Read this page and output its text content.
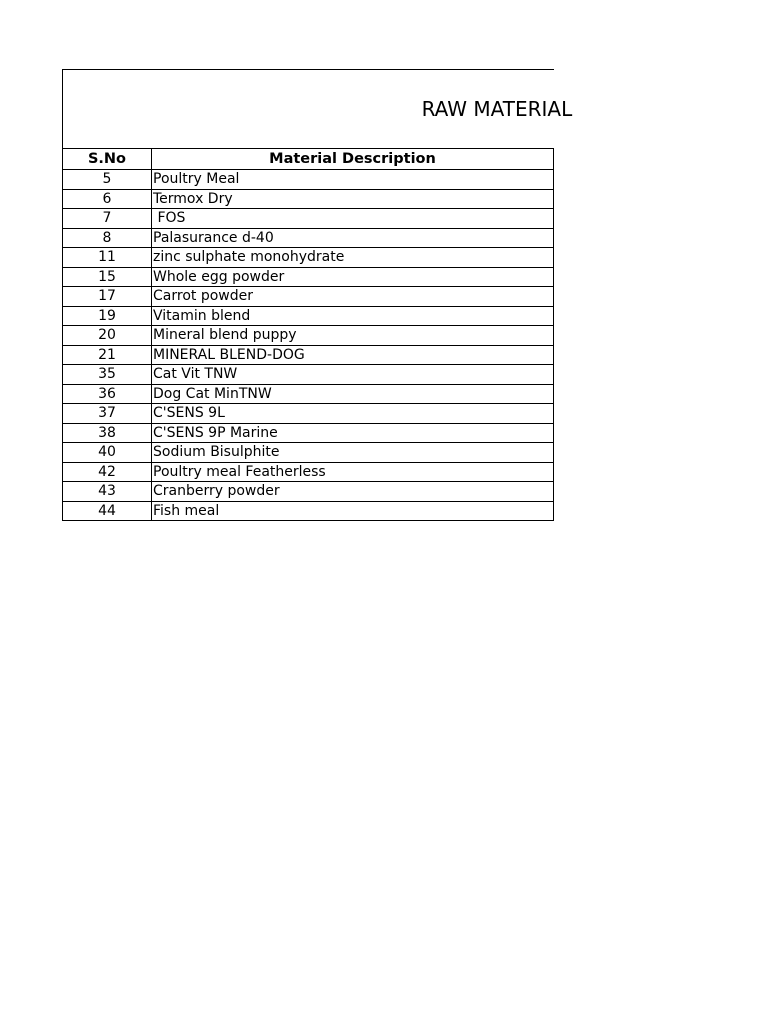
RAW MATERIAL	

S.No	Material Description
5	Poultry Meal
6	Termox Dry
7	FOS
8	Palasurance d-40
11	zinc sulphate monohydrate
15	Whole egg powder
17	Carrot powder
19	Vitamin blend
20	Mineral blend puppy
21	MINERAL BLEND-DOG
35	Cat Vit TNW
36	Dog Cat MinTNW
37	C'SENS 9L
38	C'SENS 9P Marine
40	Sodium Bisulphite
42	Poultry meal Featherless
43	Cranberry powder
44	Fish meal
